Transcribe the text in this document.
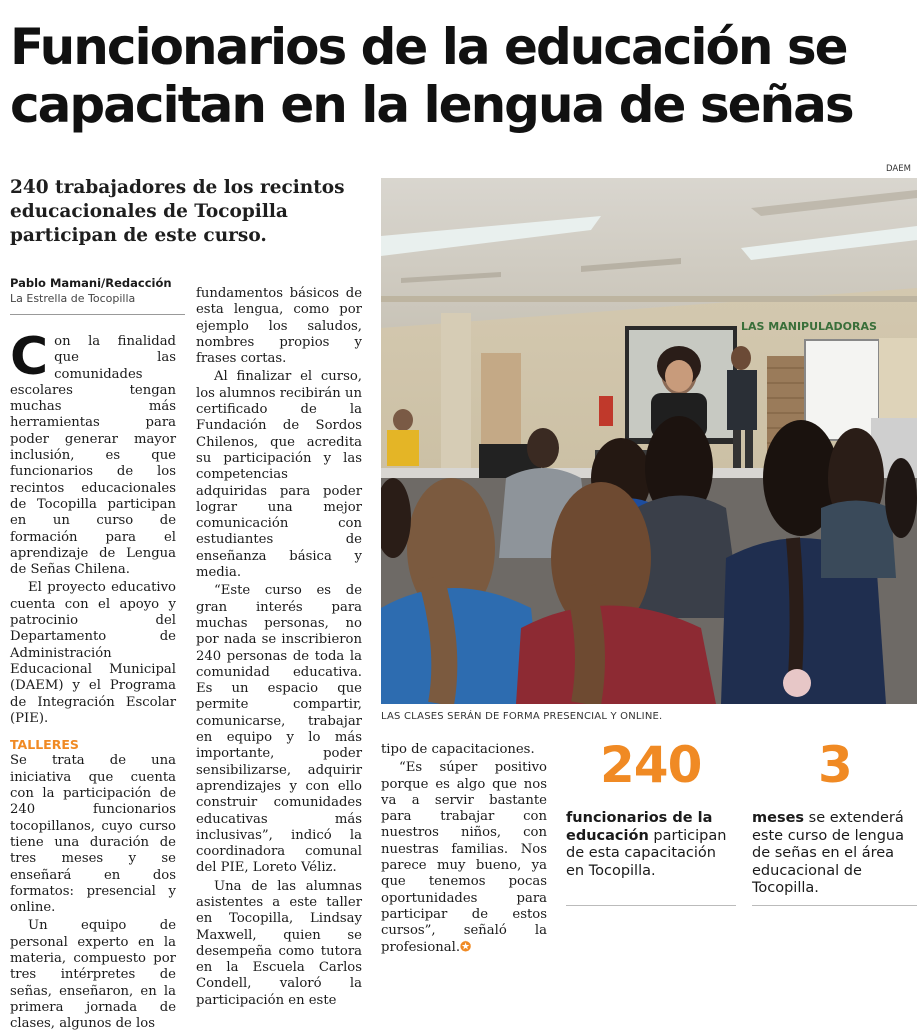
Funcionarios de la educación se capacitan en la lengua de señas
240 trabajadores de los recintos educacionales de Tocopilla participan de este curso.
Pablo Mamani/Redacción
La Estrella de Tocopilla

Con la finalidad que las comunidades escolares tengan muchas más herramientas para poder generar mayor inclusión, es que funcionarios de los recintos educacionales de Tocopilla participan en un curso de formación para el aprendizaje de Lengua de Señas Chilena.

El proyecto educativo cuenta con el apoyo y patrocinio del Departamento de Administración Educacional Municipal (DAEM) y el Programa de Integración Escolar (PIE).

TALLERES

Se trata de una iniciativa que cuenta con la participación de 240 funcionarios tocopillanos, cuyo curso tiene una duración de tres meses y se enseñará en dos formatos: presencial y online.

Un equipo de personal experto en la materia, compuesto por tres intérpretes de señas, enseñaron, en la primera jornada de clases, algunos de los

fundamentos básicos de esta lengua, como por ejemplo los saludos, nombres propios y frases cortas.

Al finalizar el curso, los alumnos recibirán un certificado de la Fundación de Sordos Chilenos, que acredita su participación y las competencias adquiridas para poder lograr una mejor comunicación con estudiantes de enseñanza básica y media.

“Este curso es de gran interés para muchas personas, no por nada se inscribieron 240 personas de toda la comunidad educativa. Es un espacio que permite compartir, comunicarse, trabajar en equipo y lo más importante, poder sensibilizarse, adquirir aprendizajes y con ello construir comunidades educativas más inclusivas”, indicó la coordinadora comunal del PIE, Loreto Véliz.

Una de las alumnas asistentes a este taller en Tocopilla, Lindsay Maxwell, quien se desempeña como tutora en la Escuela Carlos Condell, valoró la participación en este

DAEM
LAS MANIPULADORAS
LAS CLASES SERÁN DE FORMA PRESENCIAL Y ONLINE.

tipo de capacitaciones.

“Es súper positivo porque es algo que nos va a servir bastante para trabajar con nuestros niños, con nuestras familias. Nos parece muy bueno, ya que tenemos pocas oportunidades para participar de estos cursos”, señaló la profesional.✪

240
funcionarios de la educación participan de esta capacitación en Tocopilla.
3
meses se extenderá este curso de lengua de señas en el área educacional de Tocopilla.
